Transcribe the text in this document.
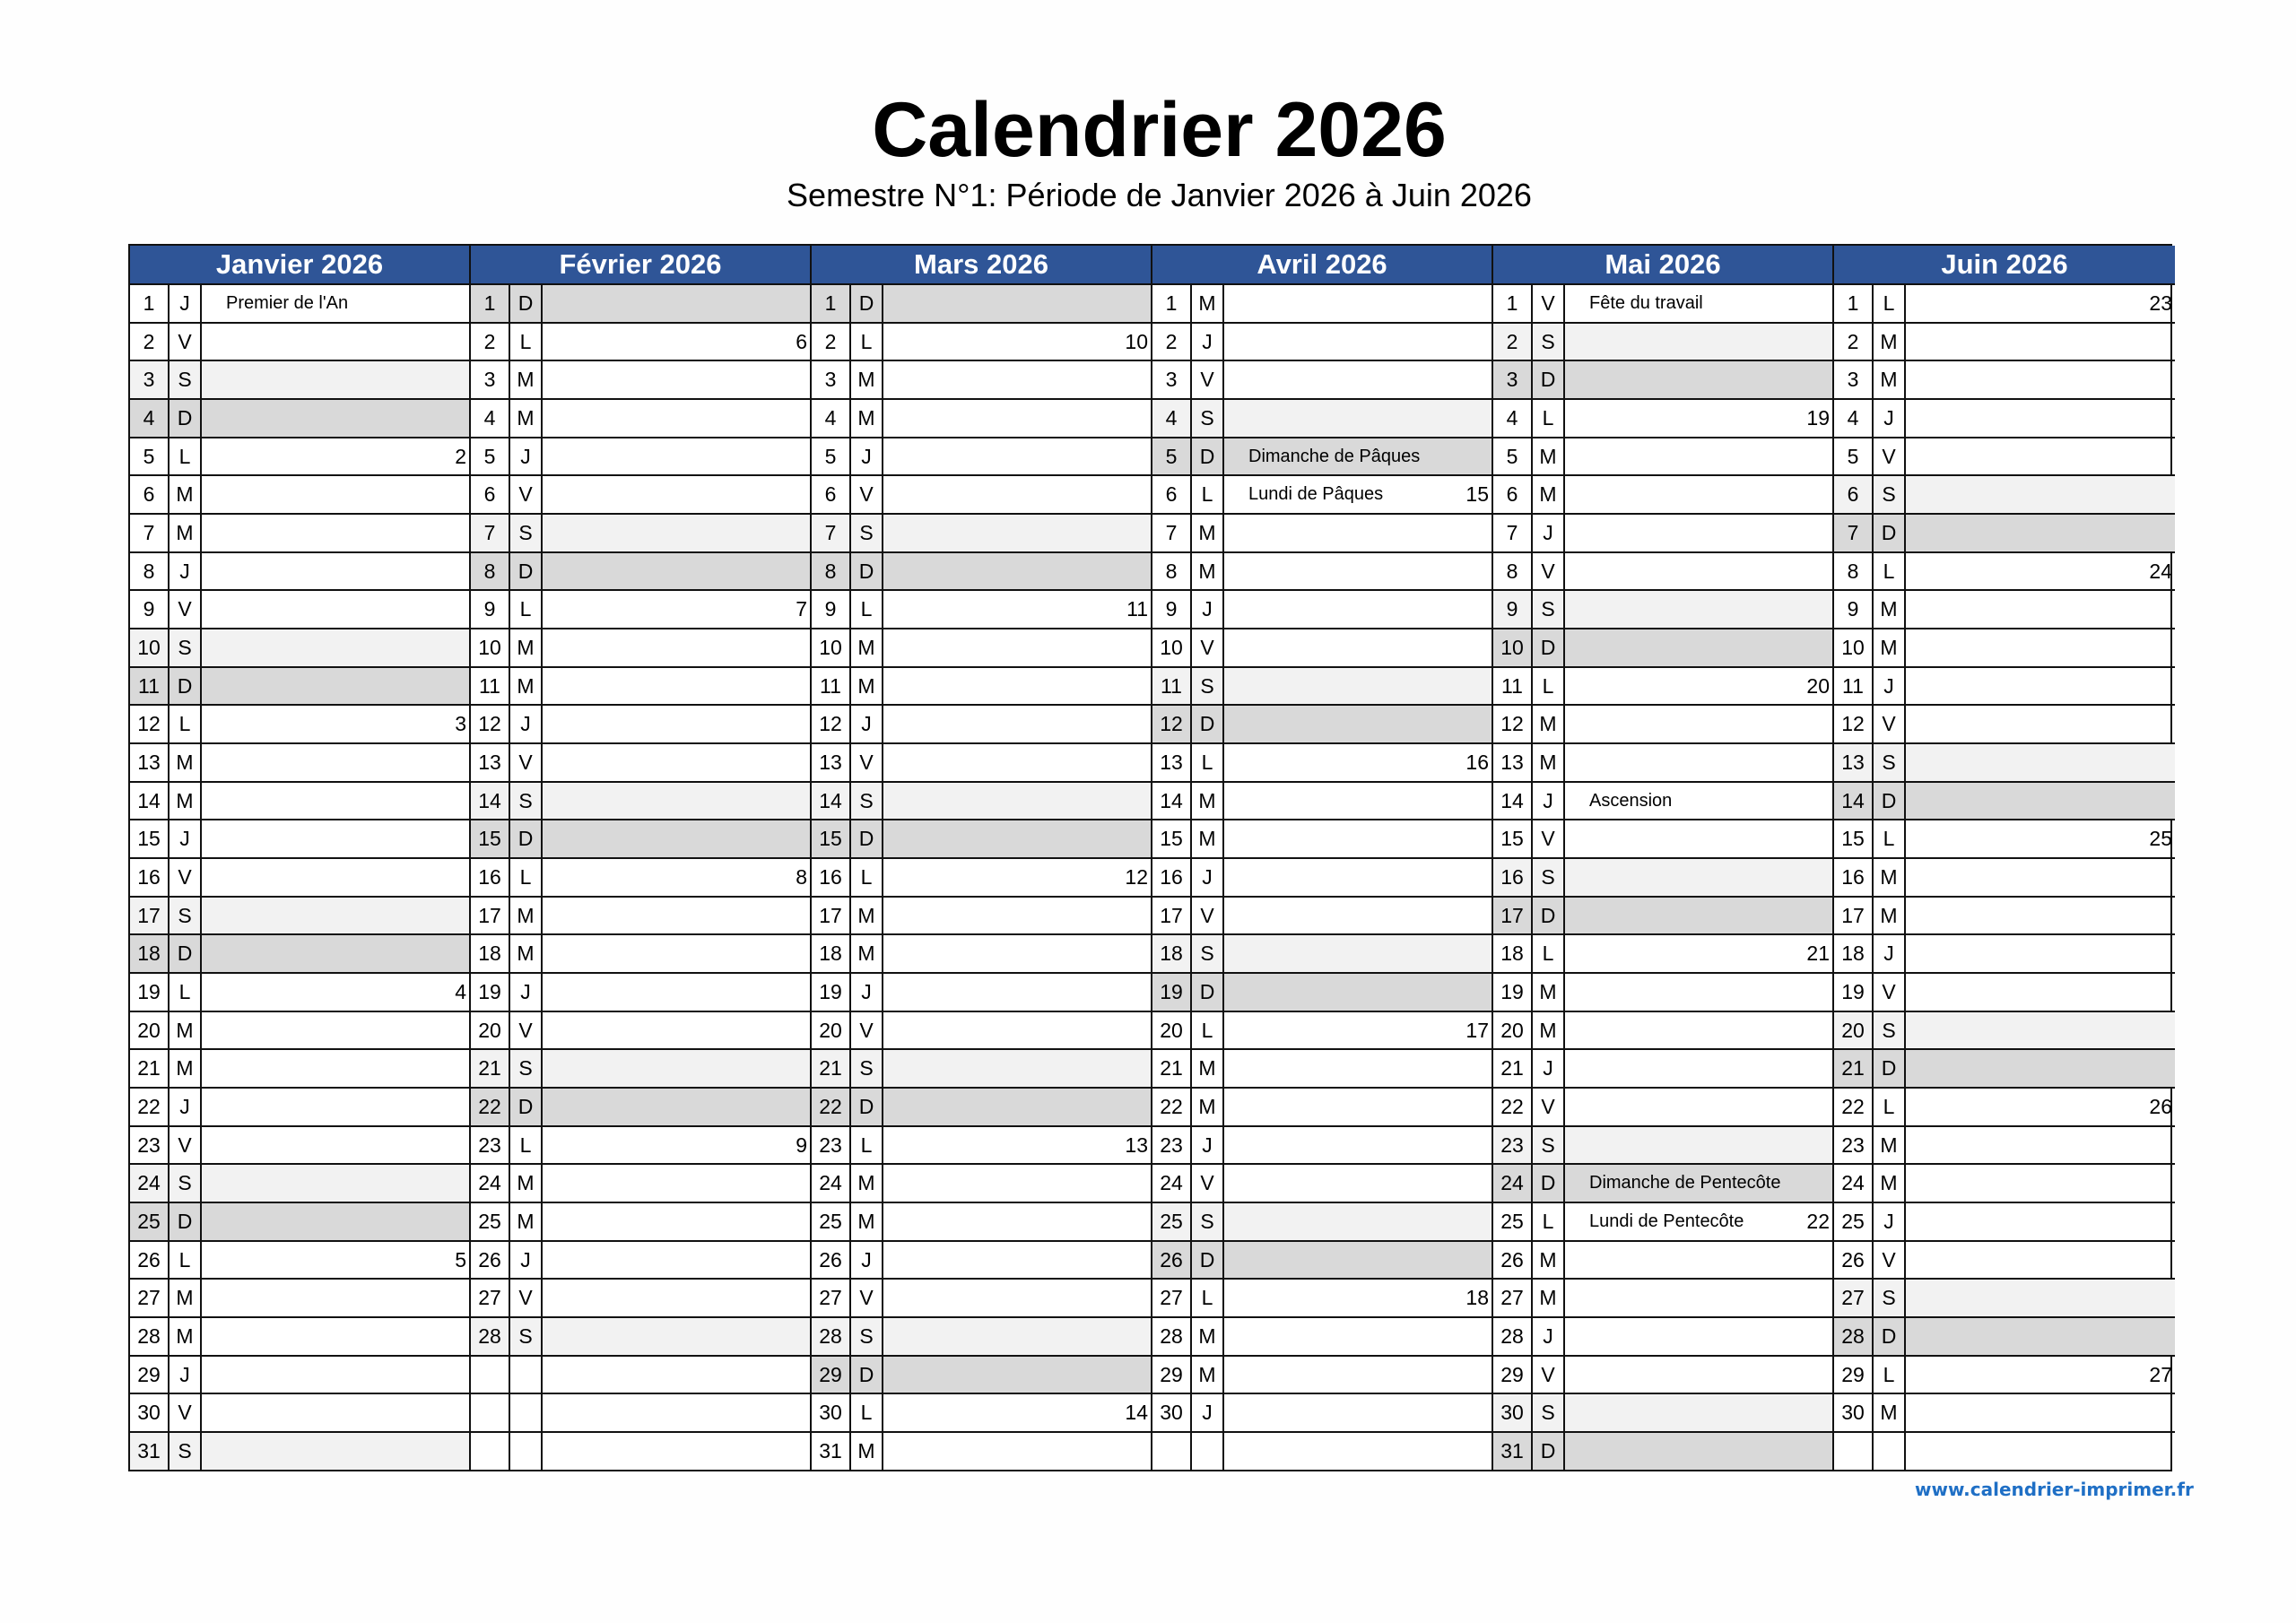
Calendrier 2026
Semestre N°1: Période de Janvier 2026 à Juin 2026
Janvier 2026
1	J	Premier de l'An
2	V
3	S
4	D
5	L	2
6	M
7	M
8	J
9	V
10 S
11 D
12 L	3
13 M
14 M
15 J
16 V
17 S
18 D
19 L	4
20 M
21 M
22 J
23 V
24 S
25 D
26 L	5
27 M
28 M
29 J
30 V
31 S
Février 2026
1	D
2	L	6
3	M
4	M
5	J
6	V
7	S
8	D
9	L	7
10 M
11 M
12 J
13 V
14 S
15 D
16 L	8
17 M
18 M
19 J
20 V
21 S
22 D
23 L	9
24 M
25 M
26 J
27 V
28 S
Mars 2026
1	D
2	L	10
3	M
4	M
5	J
6	V
7	S
8	D
9	L	11
10 M
11 M
12 J
13 V
14 S
15 D
16 L	12
17 M
18 M
19 J
20 V
21 S
22 D
23 L	13
24 M
25 M
26 J
27 V
28 S
29 D
30 L	14
31 M
Avril 2026
1	M
2	J
3	V
4	S
5	D	Dimanche de Pâques
6	L	Lundi de Pâques	15
7	M
8	M
9	J
10 V
11 S
12 D
13 L	16
14 M
15 M
16 J
17 V
18 S
19 D
20 L	17
21 M
22 M
23 J
24 V
25 S
26 D
27 L	18
28 M
29 M
30 J
Mai 2026
1	V	Fête du travail
2	S
3	D
4	L	19
5	M
6	M
7	J
8	V
9	S
10 D
11 L	20
12 M
13 M
14 J	Ascension
15 V
16 S
17 D
18 L	21
19 M
20 M
21 J
22 V
23 S
24 D	Dimanche de Pentecôte
25 L	Lundi de Pentecôte	22
26 M
27 M
28 J
29 V
30 S
31 D
Juin 2026
1	L	23
2	M
3	M
4	J
5	V
6	S
7	D
8	L	24
9	M
10 M
11 J
12 V
13 S
14 D
15 L	25
16 M
17 M
18 J
19 V
20 S
21 D
22 L	26
23 M
24 M
25 J
26 V
27 S
28 D
29 L	27
30 M
www.calendrier-imprimer.fr
